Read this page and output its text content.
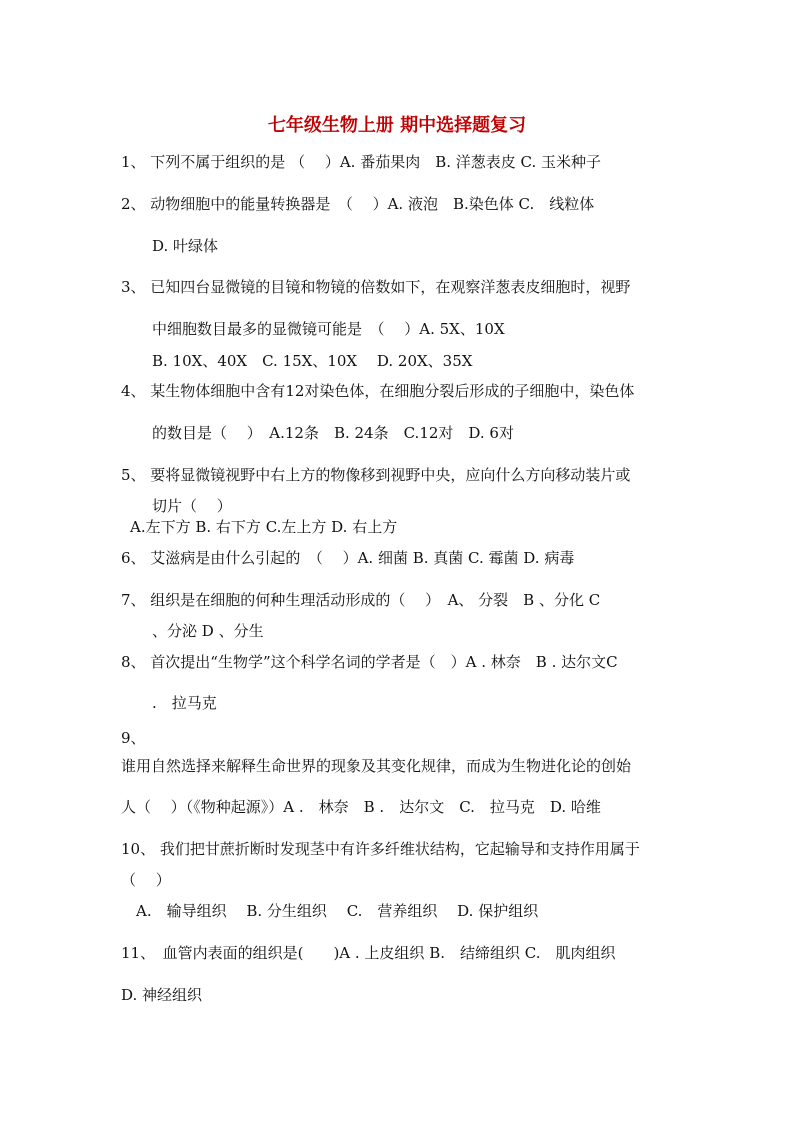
七年级生物上册 期中选择题复习
1、 下列不属于组织的是 （　 ）A. 番茄果肉　B. 洋葱表皮 C. 玉米种子
2、 动物细胞中的能量转换器是　（　 ）A. 液泡　B.染色体 C.　线粒体
D. 叶绿体
3、 已知四台显微镜的目镜和物镜的倍数如下，在观察洋葱表皮细胞时，视野
中细胞数目最多的显微镜可能是　（　 ）A. 5X、10X
B. 10X、40X　C. 15X、10X　 D. 20X、35X
4、 某生物体细胞中含有12对染色体，在细胞分裂后形成的子细胞中，染色体
的数目是（　 ）　A.12条　B. 24条　C.12对　D. 6对
5、 要将显微镜视野中右上方的物像移到视野中央，应向什么方向移动装片或
切片（　 ）
A.左下方 B. 右下方 C.左上方 D. 右上方
6、 艾滋病是由什么引起的　（　 ）A. 细菌 B. 真菌 C. 霉菌 D. 病毒
7、 组织是在细胞的何种生理活动形成的（　 ）　A、 分裂　B 、分化 C
、分泌 D 、分生
8、 首次提出“生物学”这个科学名词的学者是（　）A . 林奈　B . 达尔文C
.　拉马克
9、
谁用自然选择来解释生命世界的现象及其变化规律，而成为生物进化论的创始
人（　 ）（《物种起源》）A .　林奈　B .　达尔文　C.　拉马克　D. 哈维
10、 我们把甘蔗折断时发现茎中有许多纤维状结构，它起输导和支持作用属于
（　 ）
A.　输导组织　 B. 分生组织　 C.　营养组织　 D. 保护组织
11、　血管内表面的组织是(　　)A . 上皮组织 B.　结缔组织 C.　肌肉组织
D. 神经组织
